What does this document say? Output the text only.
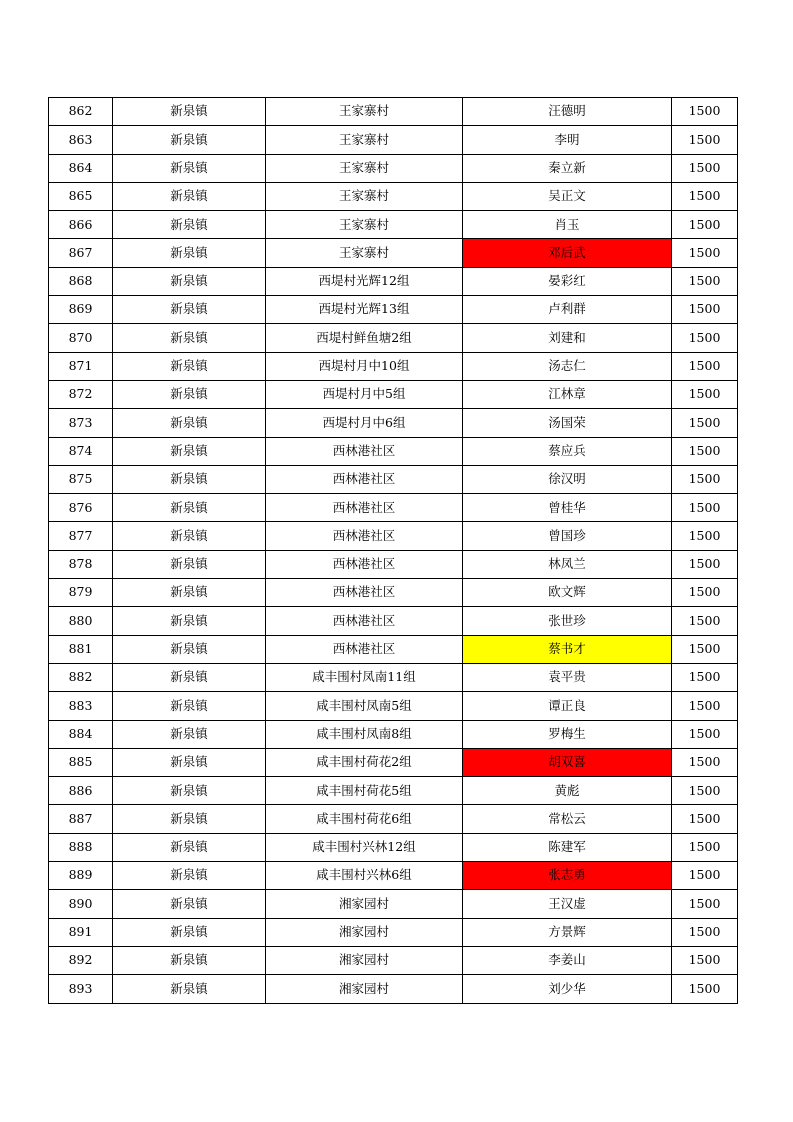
862	新泉镇	王家寨村	汪德明	1500
863	新泉镇	王家寨村	李明	1500
864	新泉镇	王家寨村	秦立新	1500
865	新泉镇	王家寨村	吴正文	1500
866	新泉镇	王家寨村	肖玉	1500
867	新泉镇	王家寨村	邓后武	1500
868	新泉镇	西堤村光辉12组	晏彩红	1500
869	新泉镇	西堤村光辉13组	卢利群	1500
870	新泉镇	西堤村鲜鱼塘2组	刘建和	1500
871	新泉镇	西堤村月中10组	汤志仁	1500
872	新泉镇	西堤村月中5组	江林章	1500
873	新泉镇	西堤村月中6组	汤国荣	1500
874	新泉镇	西林港社区	蔡应兵	1500
875	新泉镇	西林港社区	徐汉明	1500
876	新泉镇	西林港社区	曾桂华	1500
877	新泉镇	西林港社区	曾国珍	1500
878	新泉镇	西林港社区	林凤兰	1500
879	新泉镇	西林港社区	欧文辉	1500
880	新泉镇	西林港社区	张世珍	1500
881	新泉镇	西林港社区	蔡书才	1500
882	新泉镇	咸丰围村凤南11组	袁平贵	1500
883	新泉镇	咸丰围村凤南5组	谭正良	1500
884	新泉镇	咸丰围村凤南8组	罗梅生	1500
885	新泉镇	咸丰围村荷花2组	胡双喜	1500
886	新泉镇	咸丰围村荷花5组	黄彪	1500
887	新泉镇	咸丰围村荷花6组	常松云	1500
888	新泉镇	咸丰围村兴林12组	陈建军	1500
889	新泉镇	咸丰围村兴林6组	张志勇	1500
890	新泉镇	湘家园村	王汉虚	1500
891	新泉镇	湘家园村	方景辉	1500
892	新泉镇	湘家园村	李姜山	1500
893	新泉镇	湘家园村	刘少华	1500
